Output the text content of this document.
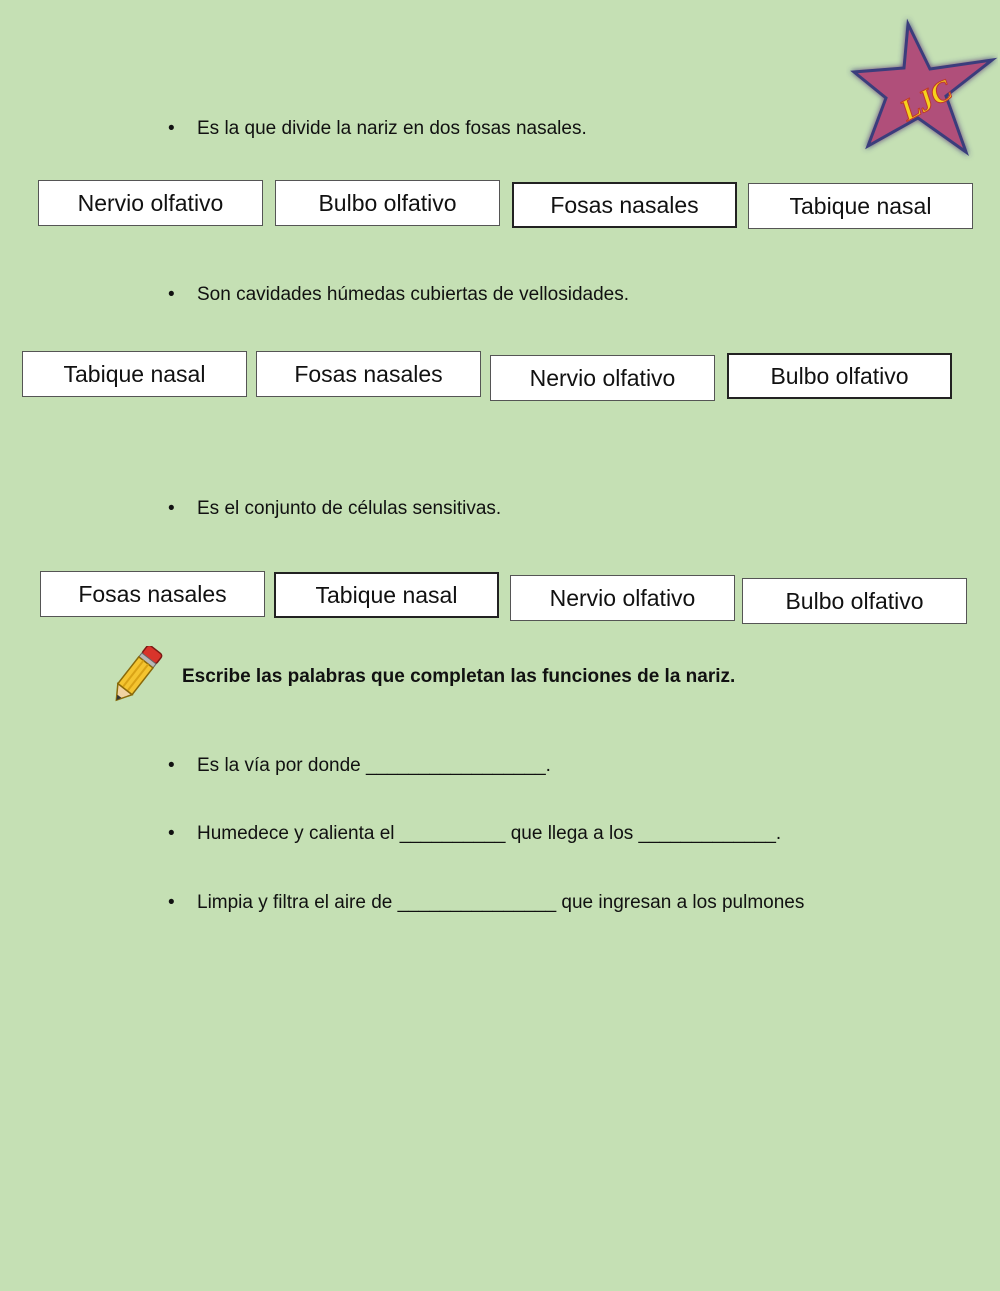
LJC
• Es la que divide la nariz en dos fosas nasales.
Nervio olfativo	Bulbo olfativo	Fosas nasales	Tabique nasal
• Son cavidades húmedas cubiertas de vellosidades.
Tabique nasal	Fosas nasales	Nervio olfativo	Bulbo olfativo
• Es el conjunto de células sensitivas.
Fosas nasales	Tabique nasal	Nervio olfativo	Bulbo olfativo
Escribe las palabras que completan las funciones de la nariz.
• Es la vía por donde _________________.
• Humedece y calienta el __________ que llega a los _____________.
• Limpia y filtra el aire de _______________ que ingresan a los pulmones
